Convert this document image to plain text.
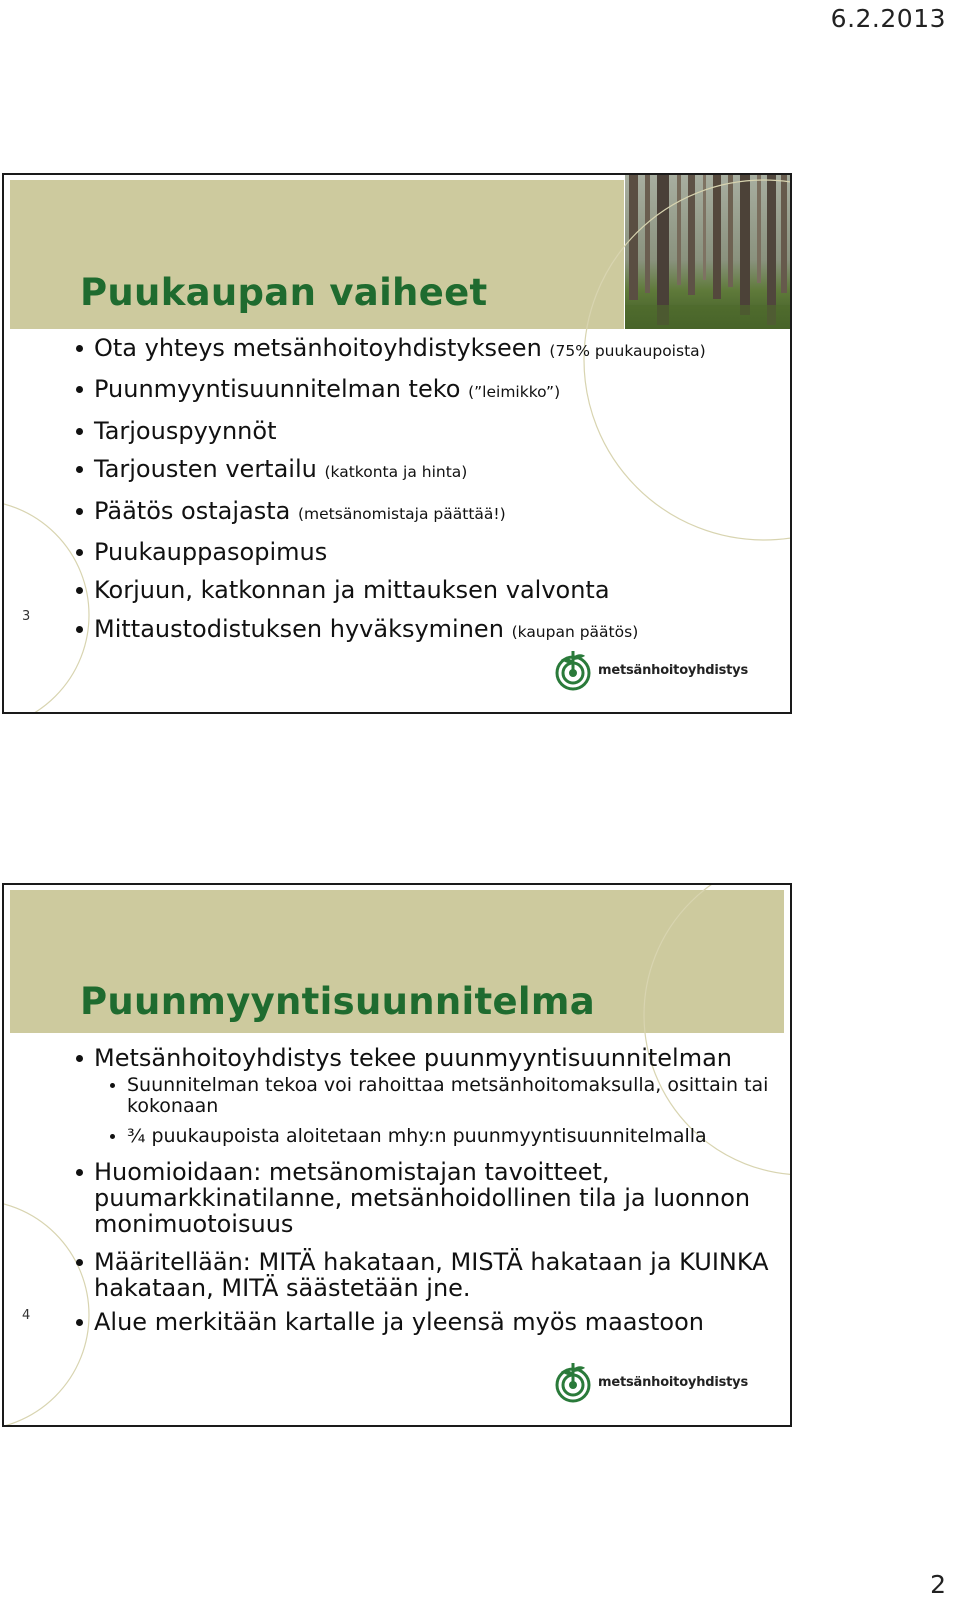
6.2.2013
Puukaupan vaiheet
Ota yhteys metsänhoitoyhdistykseen (75% puukaupoista)
Puunmyyntisuunnitelman teko (”leimikko”)
Tarjouspyynnöt
Tarjousten vertailu (katkonta ja hinta)
Päätös ostajasta (metsänomistaja päättää!)
Puukauppasopimus
Korjuun, katkonnan ja mittauksen valvonta
Mittaustodistuksen hyväksyminen (kaupan päätös)
3
metsänhoitoyhdistys
Puunmyyntisuunnitelma
Metsänhoitoyhdistys tekee puunmyyntisuunnitelman
Suunnitelman tekoa voi rahoittaa metsänhoitomaksulla, osittain tai kokonaan
¾ puukaupoista aloitetaan mhy:n puunmyyntisuunnitelmalla
Huomioidaan: metsänomistajan tavoitteet, puumarkkinatilanne, metsänhoidollinen tila ja luonnon monimuotoisuus
Määritellään: MITÄ hakataan, MISTÄ hakataan ja KUINKA hakataan, MITÄ säästetään jne.
Alue merkitään kartalle ja yleensä myös maastoon
4
metsänhoitoyhdistys
2
